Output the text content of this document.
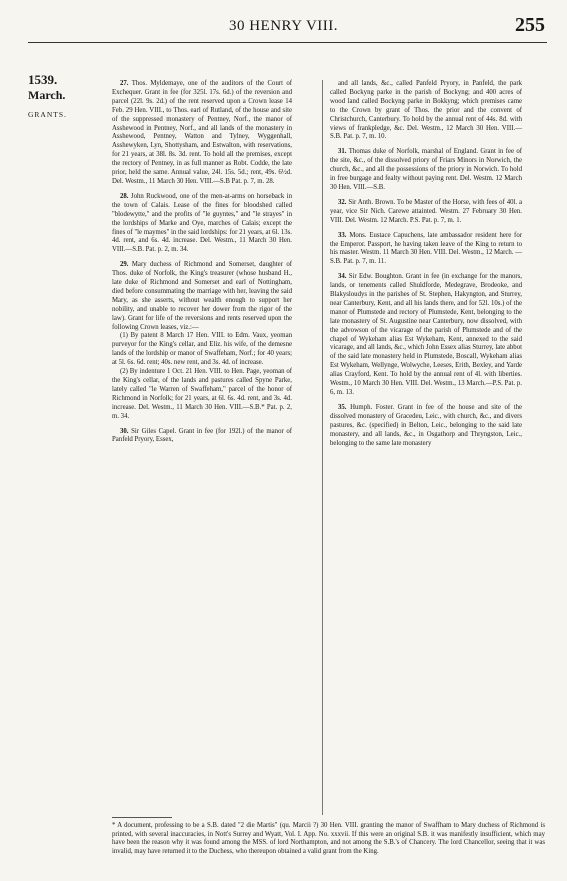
30 HENRY VIII.	255
1539.
March.
GRANTS.

27. Thos. Myldemaye, one of the auditors of the Court of Exchequer. Grant in fee (for 325l. 17s. 6d.) of the reversion and parcel (22l. 9s. 2d.) of the rent reserved upon a Crown lease 14 Feb. 29 Hen. VIII., to Thos. earl of Rutland, of the house and site of the suppressed monastery of Pentney, Norf., the manor of Asshewood in Pentney, Norf., and all lands of the monastery in Asshewood, Pentney, Watton and Tylney, Wyggenhall, Asshewyken, Lyn, Shottysham, and Estwalton, with reservations, for 21 years, at 38l. 8s. 3d. rent. To hold all the premises, except the rectory of Pentney, in as full manner as Robt. Codde, the late prior, held the same. Annual value, 24l. 15s. 5d.; rent, 49s. 6½d. Del. Westm., 11 March 30 Hen. VIII.—S.B Pat. p. 7, m. 28.

28. John Ruckwood, one of the men-at-arms on horseback in the town of Calais. Lease of the fines for bloodshed called "blodewytte," and the profits of "le guyntes," and "le strayes" in the lordships of Marke and Oye, marches of Calais; except the fines of "le maymes" in the said lordships: for 21 years, at 6l. 13s. 4d. rent, and 6s. 4d. increase. Del. Westm., 11 March 30 Hen. VIII.—S.B. Pat. p. 2, m. 34.

29. Mary duchess of Richmond and Somerset, daughter of Thos. duke of Norfolk, the King's treasurer (whose husband H., late duke of Richmond and Somerset and earl of Nottingham, died before consummating the marriage with her, leaving the said Mary, as she asserts, without wealth enough to support her nobility, and unable to recover her dower from the rigor of the law). Grant for life of the reversions and rents reserved upon the following Crown leases, viz.:—

(1) By patent 8 March 17 Hen. VIII. to Edm. Vaux, yeoman purveyor for the King's cellar, and Eliz. his wife, of the demesne lands of the lordship or manor of Swaffeham, Norf.; for 40 years; at 5l. 6s. 6d. rent; 40s. new rent, and 3s. 4d. of increase.

(2) By indenture 1 Oct. 21 Hen. VIII. to Hen. Page, yeoman of the King's cellar, of the lands and pastures called Spyne Parke, lately called "le Warren of Swaffeham," parcel of the honor of Richmond in Norfolk; for 21 years, at 6l. 6s. 4d. rent, and 3s. 4d. increase. Del. Westm., 11 March 30 Hen. VIII.—S.B.* Pat. p. 2, m. 34.

30. Sir Giles Capel. Grant in fee (for 192l.) of the manor of Panfeld Pryory, Essex,

and all lands, &c., called Panfeld Pryory, in Panfeld, the park called Bockyng parke in the parish of Bockyng; and 400 acres of wood land called Bockyng parke in Bokkyng; which premises came to the Crown by grant of Thos. the prior and the convent of Christchurch, Canterbury. To hold by the annual rent of 44s. 8d. with views of frankpledge, &c. Del. Westm., 12 March 30 Hen. VIII.—S.B. Pat. p. 7, m. 10.

31. Thomas duke of Norfolk, marshal of England. Grant in fee of the site, &c., of the dissolved priory of Friars Minors in Norwich, the church, &c., and all the possessions of the priory in Norwich. To hold in free burgage and fealty without paying rent. Del. Westm. 12 March 30 Hen. VIII.—S.B.

32. Sir Anth. Brown. To be Master of the Horse, with fees of 40l. a year, vice Sir Nich. Carewe attainted. Westm. 27 February 30 Hen. VIII. Del. Westm. 12 March. P.S. Pat. p. 7, m. 1.

33. Mons. Eustace Capuchens, late ambassador resident here for the Emperor. Passport, he having taken leave of the King to return to his master. Westm. 11 March 30 Hen. VIII. Del. Westm., 12 March. —S.B. Pat. p. 7, m. 11.

34. Sir Edw. Boughton. Grant in fee (in exchange for the manors, lands, or tenements called Shuldforde, Medegrave, Brodeoke, and Blakysloudys in the parishes of St. Stephen, Hakyngton, and Sturrey, near Canterbury, Kent, and all his lands there, and for 52l. 10s.) of the manor of Plumstede and rectory of Plumstede, Kent, belonging to the late monastery of St. Augustine near Canterbury, now dissolved, with the advowson of the vicarage of the parish of Plumstede and of the chapel of Wykeham alias Est Wykeham, Kent, annexed to the said vicarage, and all lands, &c., which John Essex alias Sturrey, late abbot of the said late monastery held in Plumstede, Boscall, Wykeham alias Est Wykeham, Wellynge, Wolwyche, Leeses, Erith, Bexley, and Yarde alias Crayford, Kent. To hold by the annual rent of 4l. with liberties. Westm., 10 March 30 Hen. VIII. Del. Westm., 13 March.—P.S. Pat. p. 6, m. 13.

35. Humph. Foster. Grant in fee of the house and site of the dissolved monastery of Gracedeu, Leic., with church, &c., and divers pastures, &c. (specified) in Belton, Leic., belonging to the said late monastery, and all lands, &c., in Osgathorp and Thryngston, Leic., belonging to the same late monastery

* A document, professing to be a S.B. dated "2 die Martis" (qu. Marcii ?) 30 Hen. VIII. granting the manor of Swaffham to Mary duchess of Richmond is printed, with several inaccuracies, in Nott's Surrey and Wyatt, Vol. I. App. No. xxxvii. If this were an original S.B. it was manifestly insufficient, which may have been the reason why it was found among the MSS. of lord Northampton, and not among the S.B.'s of Chancery. The lord Chancellor, seeing that it was invalid, may have returned it to the Duchess, who thereupon obtained a valid grant from the King.
